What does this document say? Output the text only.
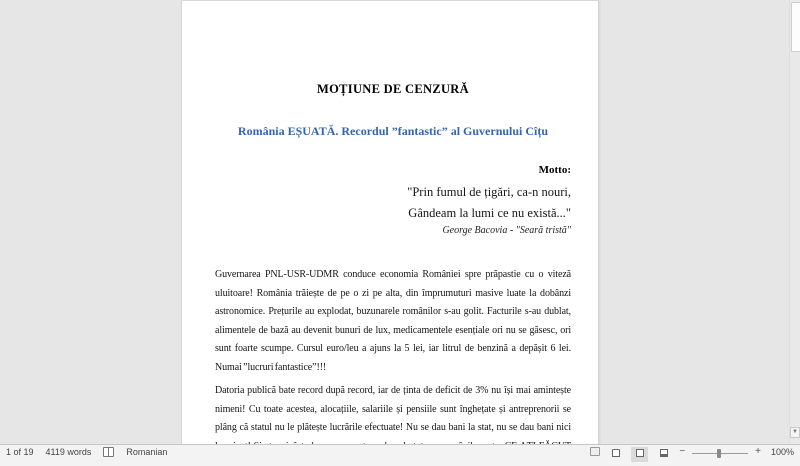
MOȚIUNE DE CENZURĂ
România EȘUATĂ. Recordul ”fantastic” al Guvernului Cîțu
Motto:
"Prin fumul de țigări, ca-n nouri,
Gândeam la lumi ce nu există..."
George Bacovia - "Seară tristă"
Guvernarea PNL-USR-UDMR conduce economia României spre prăpastie cu o viteză
uluitoare! România trăiește de pe o zi pe alta, din împrumuturi masive luate la dobânzi
astronomice. Prețurile au explodat, buzunarele românilor s-au golit. Facturile s-au dublat,
alimentele de bază au devenit bunuri de lux, medicamentele esențiale ori nu se găsesc, ori
sunt foarte scumpe. Cursul euro/leu a ajuns la 5 lei, iar litrul de benzină a depășit 6 lei.
Numai ”lucruri fantastice”!!!
Datoria publică bate record după record, iar de ținta de deficit de 3% nu își mai amintește
nimeni! Cu toate acestea, alocațiile, salariile și pensiile sunt înghețate și antreprenorii se
plâng că statul nu le plătește lucrările efectuate! Nu se dau bani la stat, nu se dau bani nici	▼
1 of 19 4119 words	Romanian	−	+	100%
